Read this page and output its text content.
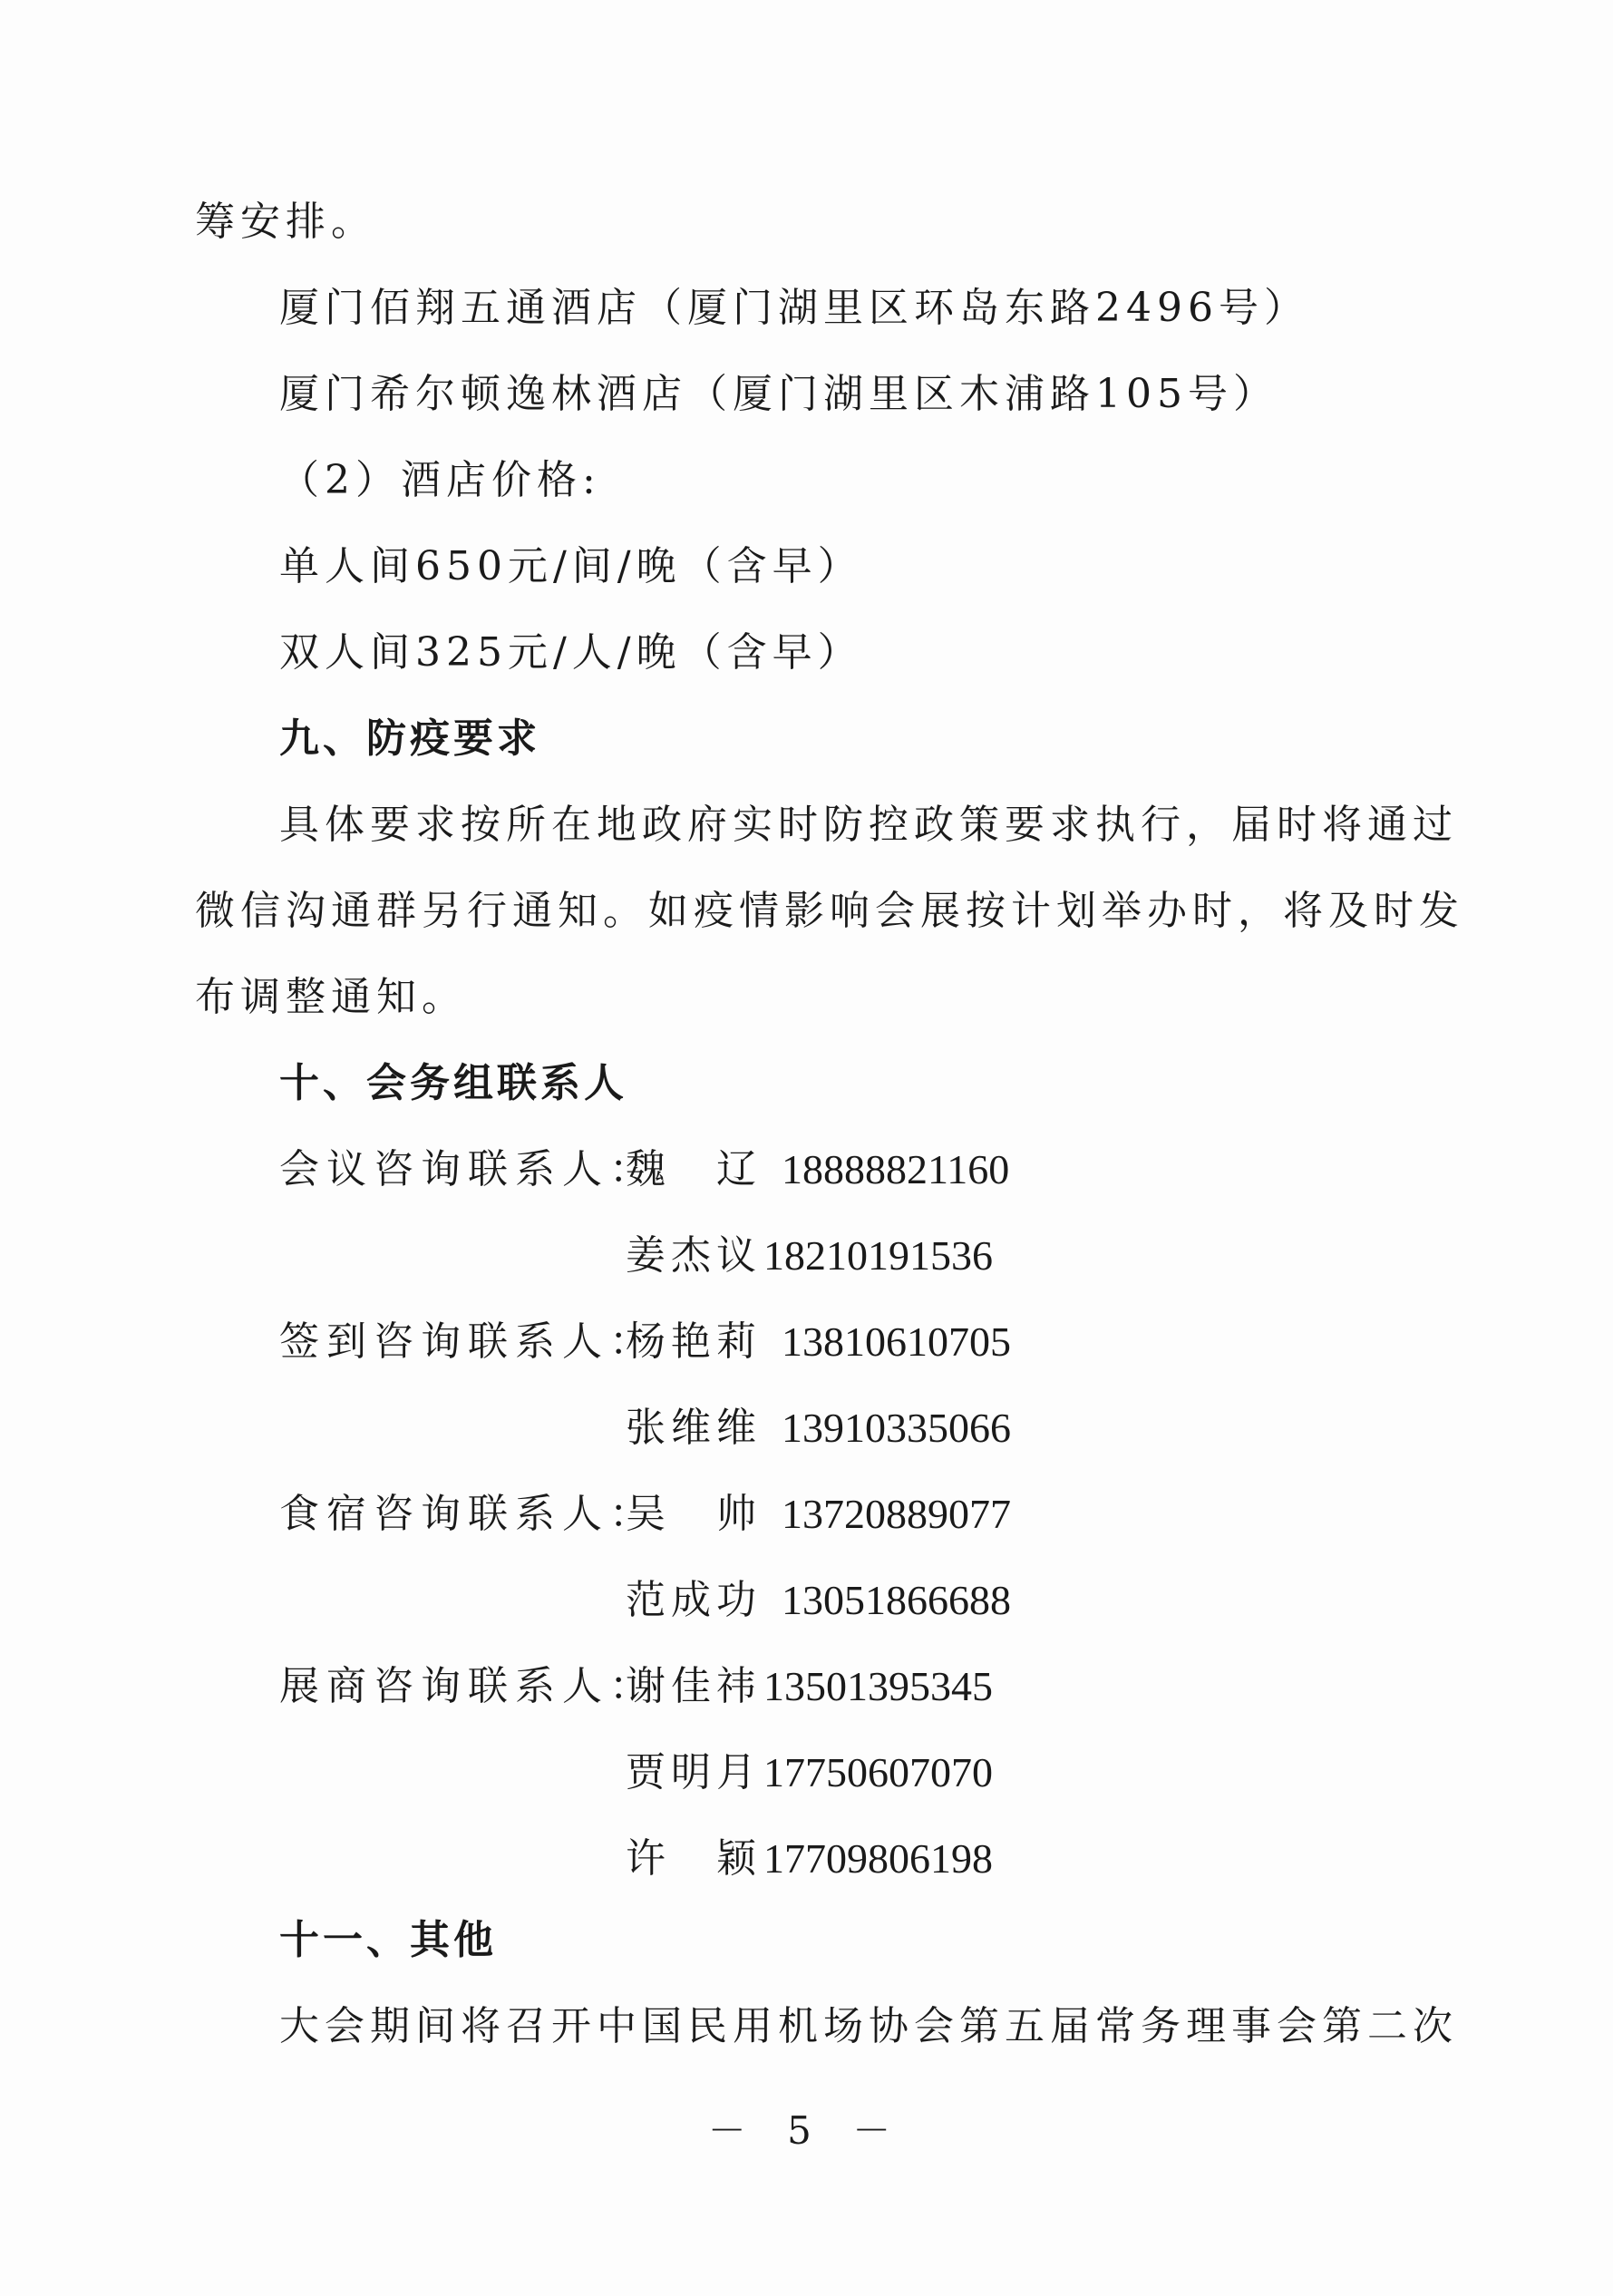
筹安排。
厦门佰翔五通酒店（厦门湖里区环岛东路2496号）
厦门希尔顿逸林酒店（厦门湖里区木浦路105号）
（2）酒店价格:
单人间650元/间/晚（含早）
双人间325元/人/晚（含早）
九、防疫要求
具体要求按所在地政府实时防控政策要求执行，届时将通过
微信沟通群另行通知。如疫情影响会展按计划举办时，将及时发
布调整通知。
十、会务组联系人
会议咨询联系人：
魏　辽 18888821160
姜杰议 18210191536
签到咨询联系人：
杨艳莉 13810610705
张维维 13910335066
食宿咨询联系人：
吴　帅 13720889077
范成功 13051866688
展商咨询联系人：
谢佳祎 13501395345
贾明月 17750607070
许　颖 17709806198
十一、其他
大会期间将召开中国民用机场协会第五届常务理事会第二次
－ 5 －
